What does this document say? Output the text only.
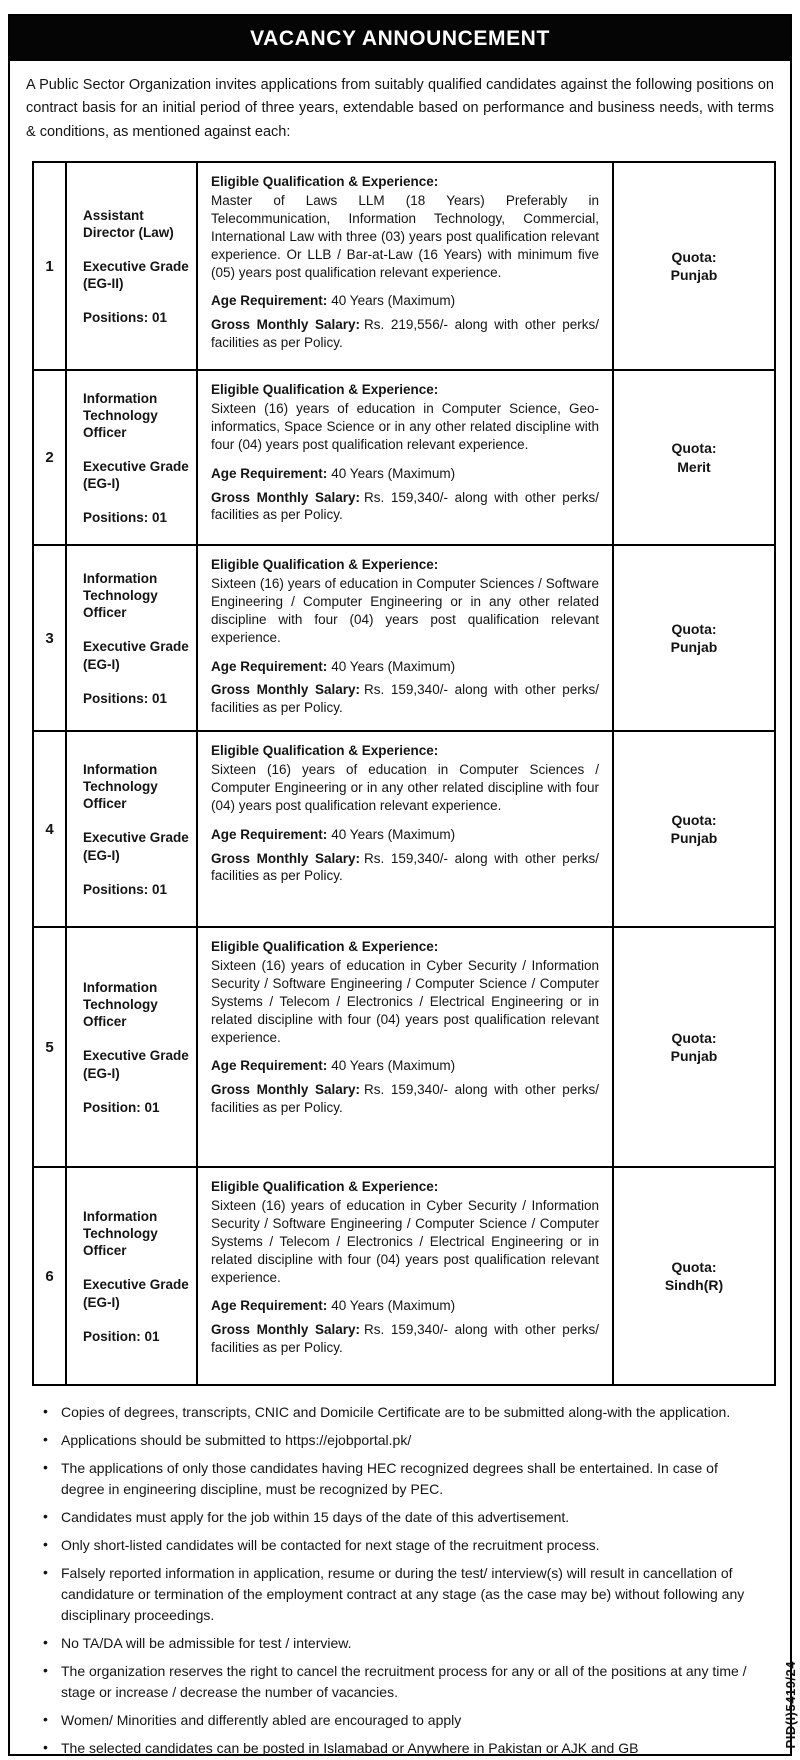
VACANCY ANNOUNCEMENT
A Public Sector Organization invites applications from suitably qualified candidates against the following positions on contract basis for an initial period of three years, extendable based on performance and business needs, with terms & conditions, as mentioned against each:
1
Assistant Director (Law)
Executive Grade (EG-II)
Positions: 01
Eligible Qualification & Experience:
Master of Laws LLM (18 Years) Preferably in Telecommunication, Information Technology, Commercial, International Law with three (03) years post qualification relevant experience. Or LLB / Bar-at-Law (16 Years) with minimum five (05) years post qualification relevant experience.
Age Requirement: 40 Years (Maximum)
Gross Monthly Salary: Rs. 219,556/- along with other perks/ facilities as per Policy.
Quota:
Punjab
2
Information Technology Officer
Executive Grade (EG-I)
Positions: 01
Eligible Qualification & Experience:
Sixteen (16) years of education in Computer Science, Geo-informatics, Space Science or in any other related discipline with four (04) years post qualification relevant experience.
Age Requirement: 40 Years (Maximum)
Gross Monthly Salary: Rs. 159,340/- along with other perks/ facilities as per Policy.
Quota:
Merit
3
Information Technology Officer
Executive Grade (EG-I)
Positions: 01
Eligible Qualification & Experience:
Sixteen (16) years of education in Computer Sciences / Software Engineering / Computer Engineering or in any other related discipline with four (04) years post qualification relevant experience.
Age Requirement: 40 Years (Maximum)
Gross Monthly Salary: Rs. 159,340/- along with other perks/ facilities as per Policy.
Quota:
Punjab
4
Information Technology Officer
Executive Grade (EG-I)
Positions: 01
Eligible Qualification & Experience:
Sixteen (16) years of education in Computer Sciences / Computer Engineering or in any other related discipline with four (04) years post qualification relevant experience.
Age Requirement: 40 Years (Maximum)
Gross Monthly Salary: Rs. 159,340/- along with other perks/ facilities as per Policy.
Quota:
Punjab
5
Information Technology Officer
Executive Grade (EG-I)
Position: 01
Eligible Qualification & Experience:
Sixteen (16) years of education in Cyber Security / Information Security / Software Engineering / Computer Science / Computer Systems / Telecom / Electronics / Electrical Engineering or in related discipline with four (04) years post qualification relevant experience.
Age Requirement: 40 Years (Maximum)
Gross Monthly Salary: Rs. 159,340/- along with other perks/ facilities as per Policy.
Quota:
Punjab
6
Information Technology Officer
Executive Grade (EG-I)
Position: 01
Eligible Qualification & Experience:
Sixteen (16) years of education in Cyber Security / Information Security / Software Engineering / Computer Science / Computer Systems / Telecom / Electronics / Electrical Engineering or in related discipline with four (04) years post qualification relevant experience.
Age Requirement: 40 Years (Maximum)
Gross Monthly Salary: Rs. 159,340/- along with other perks/ facilities as per Policy.
Quota:
Sindh(R)
• Copies of degrees, transcripts, CNIC and Domicile Certificate are to be submitted along-with the application.
• Applications should be submitted to https://ejobportal.pk/
• The applications of only those candidates having HEC recognized degrees shall be entertained. In case of degree in engineering discipline, must be recognized by PEC.
• Candidates must apply for the job within 15 days of the date of this advertisement.
• Only short-listed candidates will be contacted for next stage of the recruitment process.
• Falsely reported information in application, resume or during the test/ interview(s) will result in cancellation of candidature or termination of the employment contract at any stage (as the case may be) without following any disciplinary proceedings.
• No TA/DA will be admissible for test / interview.
• The organization reserves the right to cancel the recruitment process for any or all of the positions at any time / stage or increase / decrease the number of vacancies.
• Women/ Minorities and differently abled are encouraged to apply
• The selected candidates can be posted in Islamabad or Anywhere in Pakistan or AJK and GB
PID(I)5419/24
